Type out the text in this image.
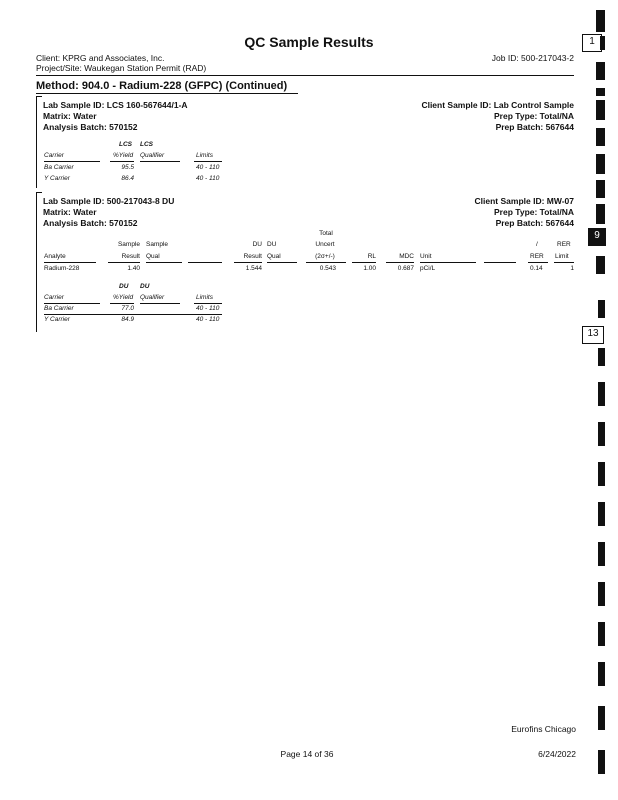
QC Sample Results
Client: KPRG and Associates, Inc.
Project/Site: Waukegan Station Permit (RAD)
Job ID: 500-217043-2
Method: 904.0 - Radium-228 (GFPC) (Continued)
Lab Sample ID: LCS 160-567644/1-A
Matrix: Water
Analysis Batch: 570152
Client Sample ID: Lab Control Sample
Prep Type: Total/NA
Prep Batch: 567644
LCS LCS
Carrier	%Yield Qualifier	Limits
Ba Carrier	95.5	40 - 110
Y Carrier	86.4	40 - 110
Lab Sample ID: 500-217043-8 DU
Matrix: Water
Analysis Batch: 570152
Client Sample ID: MW-07
Prep Type: Total/NA
Prep Batch: 567644
Total
Sample Sample	DU DU	Uncert	/	RER
Analyte	Result Qual	Result Qual	(2σ+/-)	RL	MDC Unit	RER Limit
Radium-228	1.40	1.544	0.543	1.00	0.687 pCi/L	0.14	1
DU DU
Carrier	%Yield Qualifier	Limits
Ba Carrier	77.0	40 - 110
Y Carrier	84.9	40 - 110
Eurofins Chicago
Page 14 of 36	6/24/2022
1
9
13
